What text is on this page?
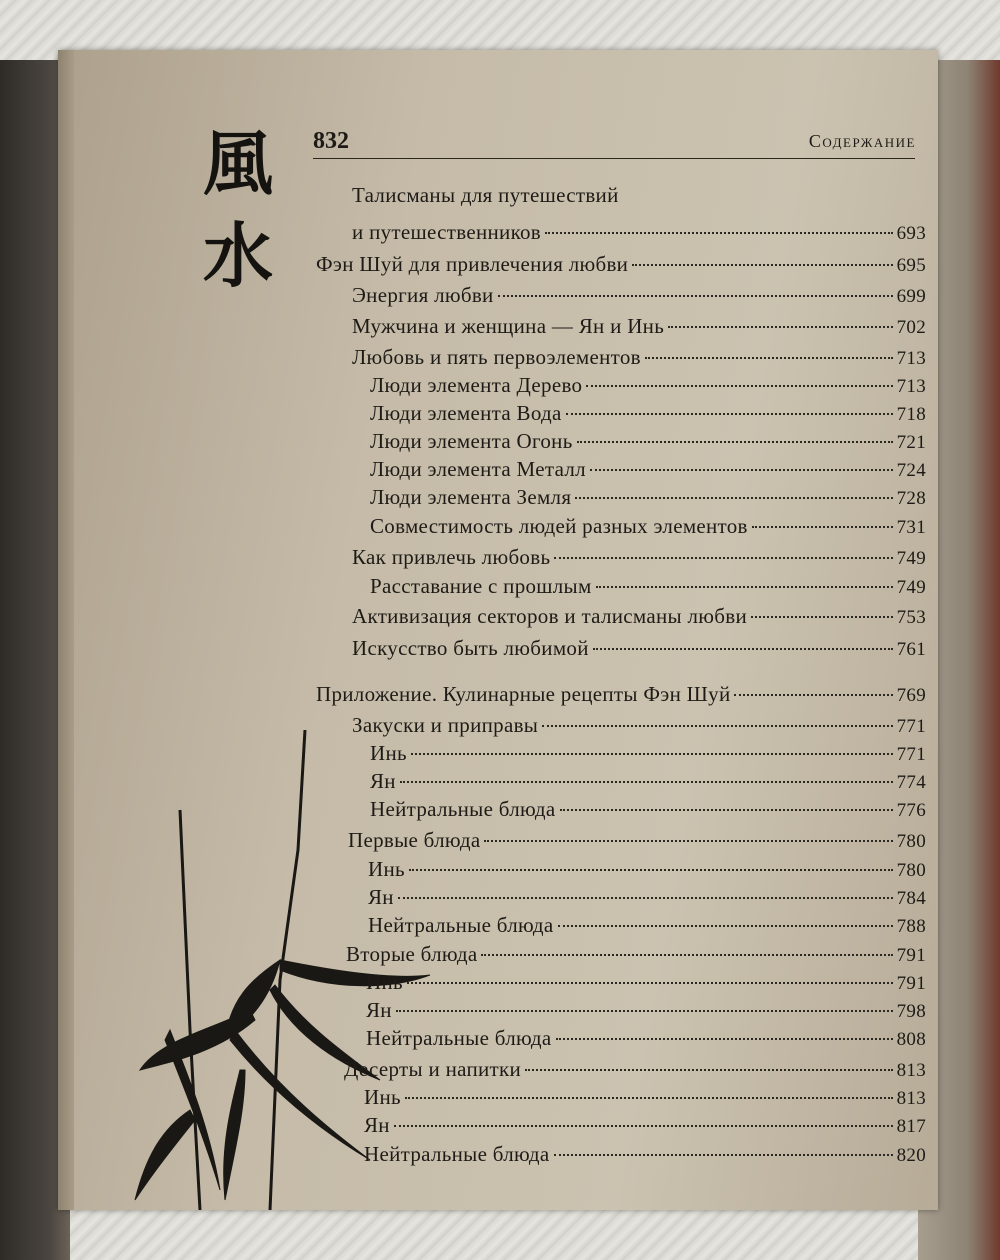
風
水
832	Содержание
Талисманы для путешествий
и путешественников	693
Фэн Шуй для привлечения любви	695
Энергия любви	699
Мужчина и женщина — Ян и Инь	702
Любовь и пять первоэлементов	713
Люди элемента Дерево	713
Люди элемента Вода	718
Люди элемента Огонь	721
Люди элемента Металл	724
Люди элемента Земля	728
Совместимость людей разных элементов	731
Как привлечь любовь	749
Расставание с прошлым	749
Активизация секторов и талисманы любви	753
Искусство быть любимой	761
Приложение. Кулинарные рецепты Фэн Шуй	769
Закуски и приправы	771
Инь	771
Ян	774
Нейтральные блюда	776
Первые блюда	780
Инь	780
Ян	784
Нейтральные блюда	788
Вторые блюда	791
Инь	791
Ян	798
Нейтральные блюда	808
Десерты и напитки	813
Инь	813
Ян	817
Нейтральные блюда	820
